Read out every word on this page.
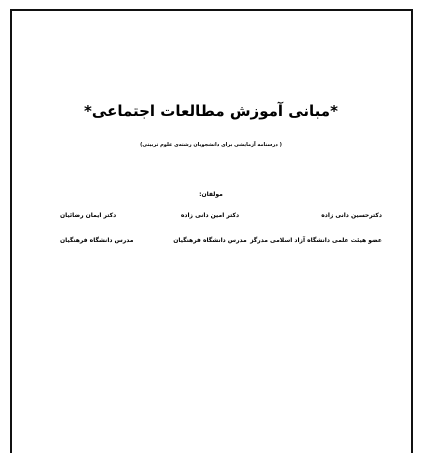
*مبانی آموزش مطالعات اجتماعی*
( درسنامه آزمایشی برای دانشجویان رشته‌ی علوم تربیتی)
مولفان:
دکترحسین دانی زاده
دکتر امین دانی زاده
دکتر ایمان رضائیان
عضو هیئت علمی دانشگاه آزاد اسلامی مدرگز
مدرس دانشگاه فرهنگیان
مدرس دانشگاه فرهنگیان
